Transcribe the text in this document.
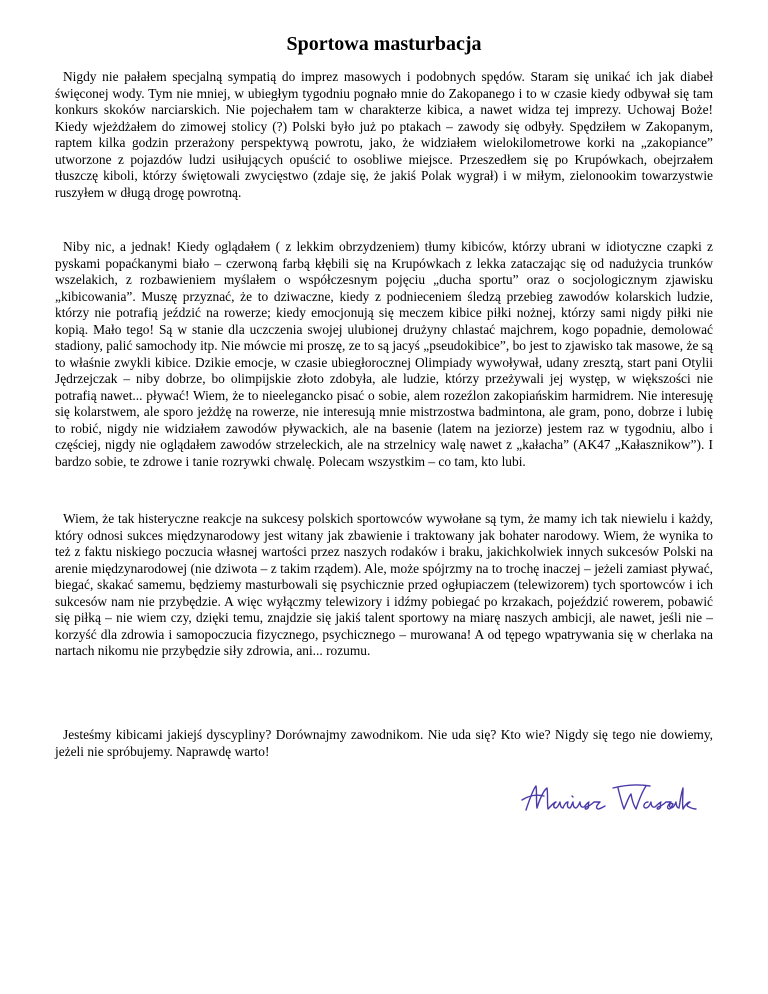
Sportowa masturbacja

Nigdy nie pałałem specjalną sympatią do imprez masowych i podobnych spędów. Staram się unikać ich jak diabeł święconej wody. Tym nie mniej, w ubiegłym tygodniu pognało mnie do Zakopanego i to w czasie kiedy odbywał się tam konkurs skoków narciarskich. Nie pojechałem tam w charakterze kibica, a nawet widza tej imprezy. Uchowaj Boże! Kiedy wjeżdżałem do zimowej stolicy (?) Polski było już po ptakach – zawody się odbyły. Spędziłem w Zakopanym, raptem kilka godzin przerażony perspektywą powrotu, jako, że widziałem wielokilometrowe korki na „zakopiance” utworzone z pojazdów ludzi usiłujących opuścić to osobliwe miejsce. Przeszedłem się po Krupówkach, obejrzałem tłuszczę kiboli, którzy świętowali zwycięstwo (zdaje się, że jakiś Polak wygrał) i w miłym, zielonookim towarzystwie ruszyłem w długą drogę powrotną.

Niby nic, a jednak! Kiedy oglądałem ( z lekkim obrzydzeniem) tłumy kibiców, którzy ubrani w idiotyczne czapki z pyskami popaćkanymi biało – czerwoną farbą kłębili się na Krupówkach z lekka zataczając się od nadużycia trunków wszelakich, z rozbawieniem myślałem o współczesnym pojęciu „ducha sportu” oraz o socjologicznym zjawisku „kibicowania”. Muszę przyznać, że to dziwaczne, kiedy z podnieceniem śledzą przebieg zawodów kolarskich ludzie, którzy nie potrafią jeździć na rowerze; kiedy emocjonują się meczem kibice piłki nożnej, którzy sami nigdy piłki nie kopią. Mało tego! Są w stanie dla uczczenia swojej ulubionej drużyny chlastać majchrem, kogo popadnie, demolować stadiony, palić samochody itp. Nie mówcie mi proszę, ze to są jacyś „pseudokibice”, bo jest to zjawisko tak masowe, że są to właśnie zwykli kibice. Dzikie emocje, w czasie ubiegłorocznej Olimpiady wywoływał, udany zresztą, start pani Otylii Jędrzejczak – niby dobrze, bo olimpijskie złoto zdobyła, ale ludzie, którzy przeżywali jej występ, w większości nie potrafią nawet... pływać! Wiem, że to nieelegancko pisać o sobie, alem rozeźlon zakopiańskim harmidrem. Nie interesuję się kolarstwem, ale sporo jeżdżę na rowerze, nie interesują mnie mistrzostwa badmintona, ale gram, pono, dobrze i lubię to robić, nigdy nie widziałem zawodów pływackich, ale na basenie (latem na jeziorze) jestem raz w tygodniu, albo i częściej, nigdy nie oglądałem zawodów strzeleckich, ale na strzelnicy walę nawet z „kałacha” (AK47 „Kałasznikow”). I bardzo sobie, te zdrowe i tanie rozrywki chwalę. Polecam wszystkim – co tam, kto lubi.

Wiem, że tak histeryczne reakcje na sukcesy polskich sportowców wywołane są tym, że mamy ich tak niewielu i każdy, który odnosi sukces międzynarodowy jest witany jak zbawienie i traktowany jak bohater narodowy. Wiem, że wynika to też z faktu niskiego poczucia własnej wartości przez naszych rodaków i braku, jakichkolwiek innych sukcesów Polski na arenie międzynarodowej (nie dziwota – z takim rządem). Ale, może spójrzmy na to trochę inaczej – jeżeli zamiast pływać, biegać, skakać samemu, będziemy masturbowali się psychicznie przed ogłupiaczem (telewizorem) tych sportowców i ich sukcesów nam nie przybędzie. A więc wyłączmy telewizory i idźmy pobiegać po krzakach, pojeździć rowerem, pobawić się piłką – nie wiem czy, dzięki temu, znajdzie się jakiś talent sportowy na miarę naszych ambicji, ale nawet, jeśli nie – korzyść dla zdrowia i samopoczucia fizycznego, psychicznego – murowana! A od tępego wpatrywania się w cherlaka na nartach nikomu nie przybędzie siły zdrowia, ani... rozumu.

Jesteśmy kibicami jakiejś dyscypliny? Dorównajmy zawodnikom. Nie uda się? Kto wie? Nigdy się tego nie dowiemy, jeżeli nie spróbujemy. Naprawdę warto!
